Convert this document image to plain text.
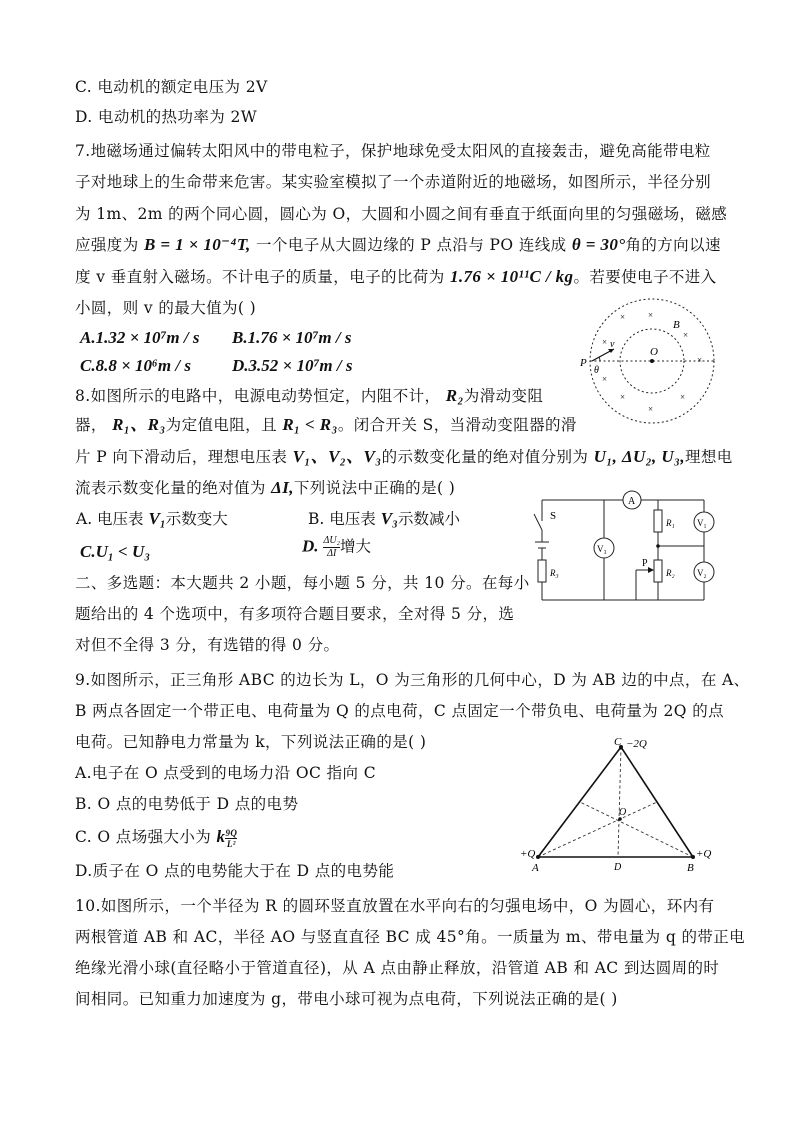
C. 电动机的额定电压为 2V
D. 电动机的热功率为 2W
7.地磁场通过偏转太阳风中的带电粒子，保护地球免受太阳风的直接轰击，避免高能带电粒
子对地球上的生命带来危害。某实验室模拟了一个赤道附近的地磁场，如图所示，半径分别
为 1m、2m 的两个同心圆，圆心为 O，大圆和小圆之间有垂直于纸面向里的匀强磁场，磁感
应强度为 B = 1 × 10⁻⁴T, 一个电子从大圆边缘的 P 点沿与 PO 连线成 θ = 30°角的方向以速
度 v 垂直射入磁场。不计电子的质量，电子的比荷为 1.76 × 10¹¹C / kg。若要使电子不进入
小圆，则 v 的最大值为( )
A.1.32 × 10⁷m / s B.1.76 × 10⁷m / s
C.8.8 × 10⁶m / s D.3.52 × 10⁷m / s	P
O
B
v
θ
×	×
×
×
×
×
×
×
×
8.如图所示的电路中，电源电动势恒定，内阻不计， R₂为滑动变阻
器， R₁、R₃为定值电阻，且 R₁ < R₃。闭合开关 S，当滑动变阻器的滑
片 P 向下滑动后，理想电压表 V₁、V₂、V₃的示数变化量的绝对值分别为 U₁, ΔU₂, U₃,理想电
流表示数变化量的绝对值为 ΔI,下列说法中正确的是( )
A. 电压表 V₁示数变大	B. 电压表 V₃示数减小
C.U₁ < U₃	D. $\frac{\text{ΔU₂}}{\Delta I}$ 增大
A
S
V₃
V₁
V₂
R₁
R₂
R₃
P
二、多选题：本大题共 2 小题，每小题 5 分，共 10 分。在每小
题给出的 4 个选项中，有多项符合题目要求，全对得 5 分，选
对但不全得 3 分，有选错的得 0 分。
9.如图所示，正三角形 ABC 的边长为 L，O 为三角形的几何中心，D 为 AB 边的中点，在 A、
B 两点各固定一个带正电、电荷量为 Q 的点电荷，C 点固定一个带负电、电荷量为 2Q 的点
电荷。已知静电力常量为 k，下列说法正确的是( )
A.电子在 O 点受到的电场力沿 OC 指向 C
B. O 点的电势低于 D 点的电势
C. O 点场强大小为 k $\frac{9Q}{\text{L²}}$
D.质子在 O 点的电势能大于在 D 点的电势能
C −2Q
+Q
A
+Q
B
O
D
10.如图所示，一个半径为 R 的圆环竖直放置在水平向右的匀强电场中，O 为圆心，环内有
两根管道 AB 和 AC，半径 AO 与竖直直径 BC 成 45°角。一质量为 m、带电量为 q 的带正电
绝缘光滑小球(直径略小于管道直径)，从 A 点由静止释放，沿管道 AB 和 AC 到达圆周的时
间相同。已知重力加速度为 g，带电小球可视为点电荷，下列说法正确的是( )
